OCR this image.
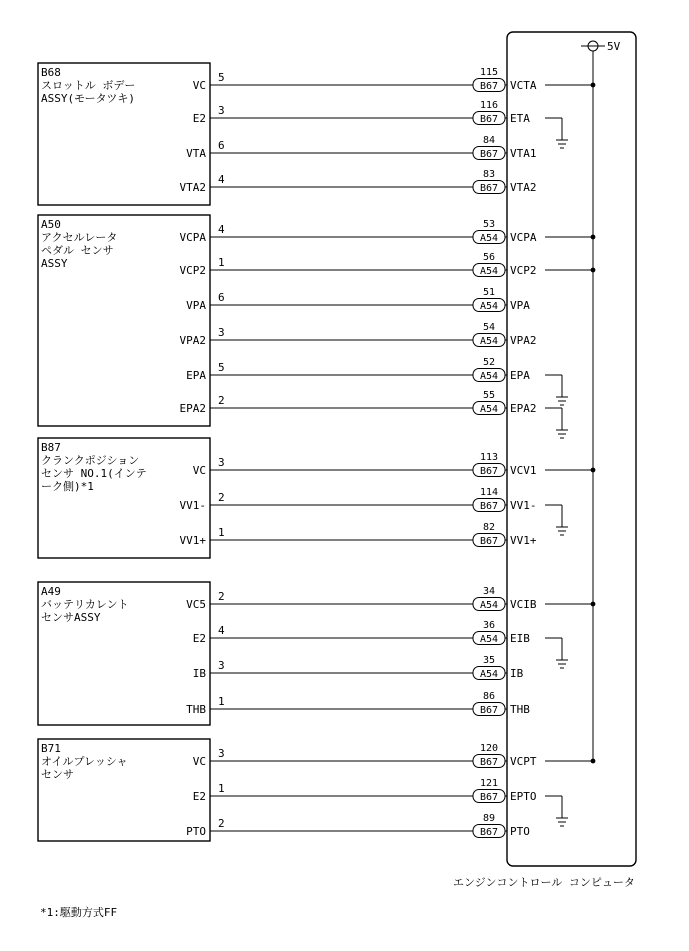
B68
スロットル ボデー
ASSY(モータツキ)
VC
5	115
B67 VCTA
E2
3	116
B67 ETA
VTA
6	84
B67 VTA1
VTA2
4	83
B67 VTA2
A50
アクセルレータ
ペダル センサ
ASSY
VCPA
4	53
A54 VCPA
VCP2
1	56
A54 VCP2
VPA
6	51
A54 VPA
VPA2
3	54
A54 VPA2
EPA
5	52
A54 EPA
EPA2
2	55
A54 EPA2
B87
クランクポジション
センサ NO.1(インテ
ーク側)*1
VC
3	113
B67 VCV1
VV1-
2	114
B67 VV1-
VV1+
1	82
B67 VV1+
A49
バッテリカレント
センサASSY
VC5
2	34
A54 VCIB
E2
4	36
A54 EIB
IB
3	35
A54 IB
THB
1	86
B67 THB
B71
オイルプレッシャ
センサ
VC
3	120
B67 VCPT
E2
1	121
B67 EPTO
PTO
2	89
B67 PTO
5V
エンジンコントロール コンピュータ
*1:駆動方式FF
